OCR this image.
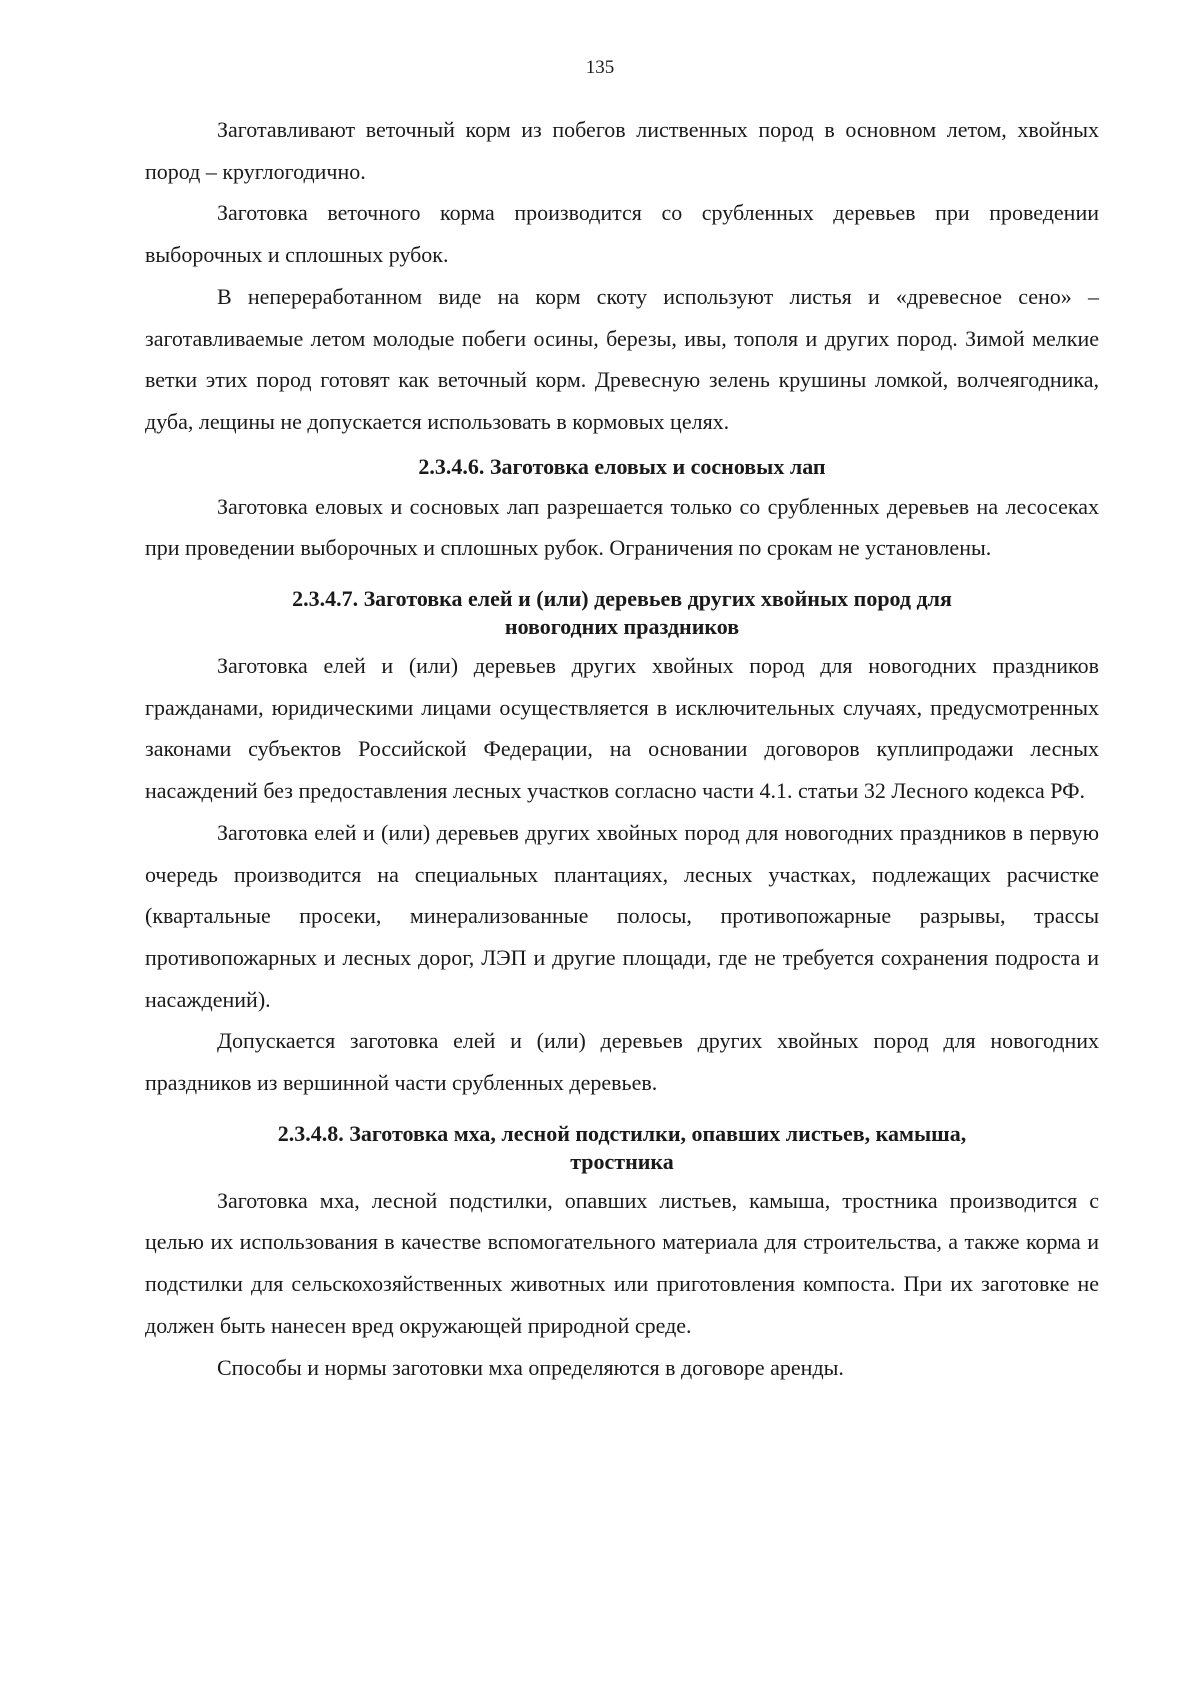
135

Заготавливают веточный корм из побегов лиственных пород в основном летом, хвойных пород – круглогодично.

Заготовка веточного корма производится со срубленных деревьев при проведении выборочных и сплошных рубок.

В непереработанном виде на корм скоту используют листья и «древесное сено» – заготавливаемые летом молодые побеги осины, березы, ивы, тополя и других пород. Зимой мелкие ветки этих пород готовят как веточный корм. Древесную зелень крушины ломкой, волчеягодника, дуба, лещины не допускается использовать в кормовых целях.

2.3.4.6. Заготовка еловых и сосновых лап

Заготовка еловых и сосновых лап разрешается только со срубленных деревьев на лесосеках при проведении выборочных и сплошных рубок. Ограничения по срокам не установлены.

2.3.4.7. Заготовка елей и (или) деревьев других хвойных пород для
новогодних праздников

Заготовка елей и (или) деревьев других хвойных пород для новогодних праздников гражданами, юридическими лицами осуществляется в исключительных случаях, предусмотренных законами субъектов Российской Федерации, на основании договоров куплипродажи лесных насаждений без предоставления лесных участков согласно части 4.1. статьи 32 Лесного кодекса РФ.

Заготовка елей и (или) деревьев других хвойных пород для новогодних праздников в первую очередь производится на специальных плантациях, лесных участках, подлежащих расчистке (квартальные просеки, минерализованные полосы, противопожарные разрывы, трассы противопожарных и лесных дорог, ЛЭП и другие площади, где не требуется сохранения подроста и насаждений).

Допускается заготовка елей и (или) деревьев других хвойных пород для новогодних праздников из вершинной части срубленных деревьев.

2.3.4.8. Заготовка мха, лесной подстилки, опавших листьев, камыша,
тростника

Заготовка мха, лесной подстилки, опавших листьев, камыша, тростника производится с целью их использования в качестве вспомогательного материала для строительства, а также корма и подстилки для сельскохозяйственных животных или приготовления компоста. При их заготовке не должен быть нанесен вред окружающей природной среде.

Способы и нормы заготовки мха определяются в договоре аренды.
